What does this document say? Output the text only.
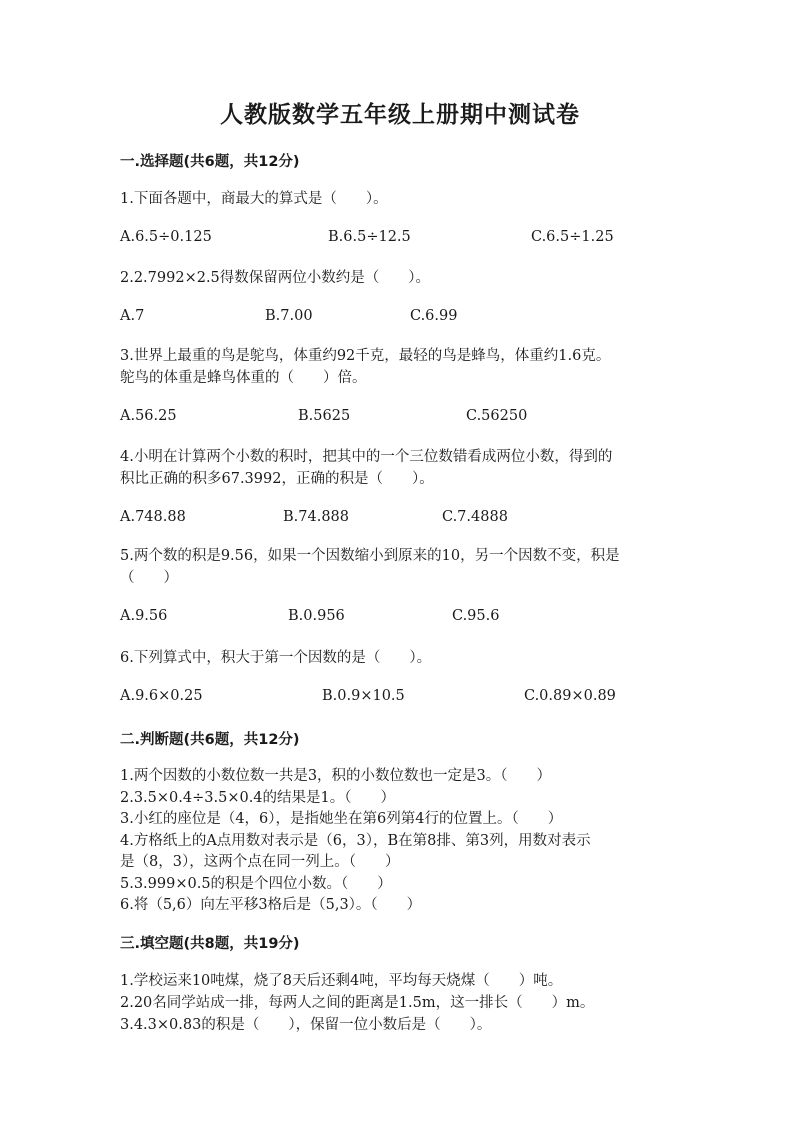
人教版数学五年级上册期中测试卷
一.选择题(共6题，共12分)
1.下面各题中，商最大的算式是（　　）。
A.6.5÷0.125	B.6.5÷12.5	C.6.5÷1.25
2.2.7992×2.5得数保留两位小数约是（　　）。
A.7	B.7.00	C.6.99
3.世界上最重的鸟是鸵鸟，体重约92千克，最轻的鸟是蜂鸟，体重约1.6克。
鸵鸟的体重是蜂鸟体重的（　　）倍。
A.56.25	B.5625	C.56250
4.小明在计算两个小数的积时，把其中的一个三位数错看成两位小数，得到的
积比正确的积多67.3992，正确的积是（　　）。
A.748.88	B.74.888	C.7.4888
5.两个数的积是9.56，如果一个因数缩小到原来的10，另一个因数不变，积是
（　　）
A.9.56	B.0.956	C.95.6
6.下列算式中，积大于第一个因数的是（　　）。
A.9.6×0.25	B.0.9×10.5	C.0.89×0.89
二.判断题(共6题，共12分)
1.两个因数的小数位数一共是3，积的小数位数也一定是3。（　　）
2.3.5×0.4÷3.5×0.4的结果是1。（　　）
3.小红的座位是（4，6），是指她坐在第6列第4行的位置上。（　　）
4.方格纸上的A点用数对表示是（6，3），B在第8排、第3列，用数对表示
是（8，3），这两个点在同一列上。（　　）
5.3.999×0.5的积是个四位小数。（　　）
6.将（5,6）向左平移3格后是（5,3）。（　　）
三.填空题(共8题，共19分)
1.学校运来10吨煤，烧了8天后还剩4吨，平均每天烧煤（　　）吨。
2.20名同学站成一排，每两人之间的距离是1.5m，这一排长（　　）m。
3.4.3×0.83的积是（　　），保留一位小数后是（　　）。
